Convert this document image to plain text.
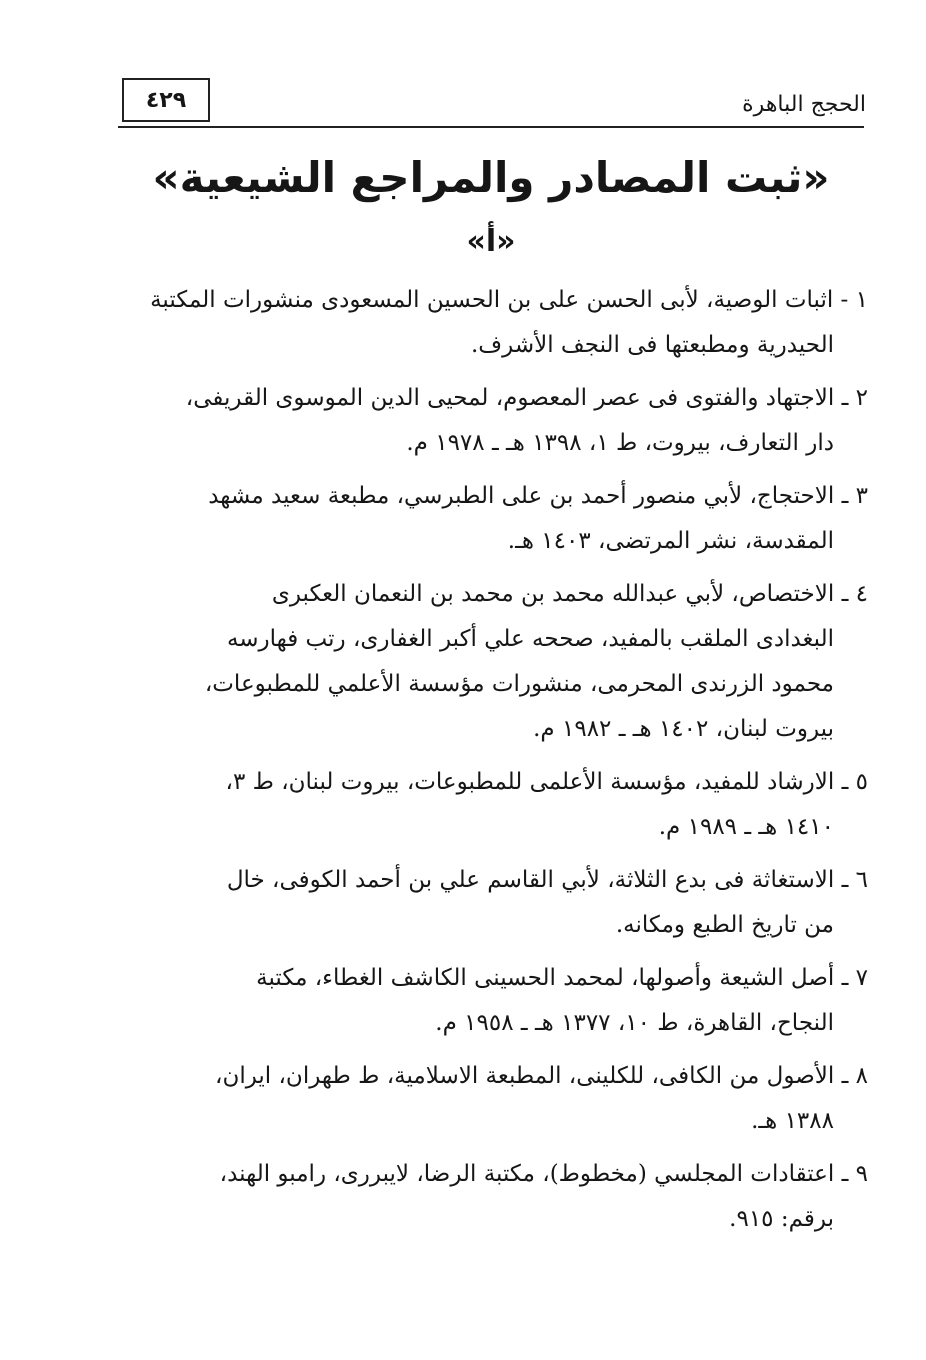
الحجج الباهرة
٤٢٩
«ثبت المصادر والمراجع الشيعية»
«أ»
١ - اثبات الوصية، لأبى الحسن على بن الحسين المسعودى منشورات المكتبة
الحيدرية ومطبعتها فى النجف الأشرف.
٢ ـ الاجتهاد والفتوى فى عصر المعصوم، لمحيى الدين الموسوى القريفى،
دار التعارف، بيروت، ط ١، ١٣٩٨ هـ ـ ١٩٧٨ م.
٣ ـ الاحتجاج، لأبي منصور أحمد بن على الطبرسي، مطبعة سعيد مشهد
المقدسة، نشر المرتضى، ١٤٠٣ هـ.
٤ ـ الاختصاص، لأبي عبدالله محمد بن محمد بن النعمان العكبرى
البغدادى الملقب بالمفيد، صححه علي أكبر الغفارى، رتب فهارسه
محمود الزرندى المحرمى، منشورات مؤسسة الأعلمي للمطبوعات،
بيروت لبنان، ١٤٠٢ هـ ـ ١٩٨٢ م.
٥ ـ الارشاد للمفيد، مؤسسة الأعلمى للمطبوعات، بيروت لبنان، ط ٣،
١٤١٠ هـ ـ ١٩٨٩ م.
٦ ـ الاستغاثة فى بدع الثلاثة، لأبي القاسم علي بن أحمد الكوفى، خال
من تاريخ الطبع ومكانه.
٧ ـ أصل الشيعة وأصولها، لمحمد الحسينى الكاشف الغطاء، مكتبة
النجاح، القاهرة، ط ١٠، ١٣٧٧ هـ ـ ١٩٥٨ م.
٨ ـ الأصول من الكافى، للكلينى، المطبعة الاسلامية، ط طهران، ايران،
١٣٨٨ هـ.
٩ ـ اعتقادات المجلسي (مخطوط)، مكتبة الرضا، لايبررى، رامبو الهند،
برقم: ٩١٥.
